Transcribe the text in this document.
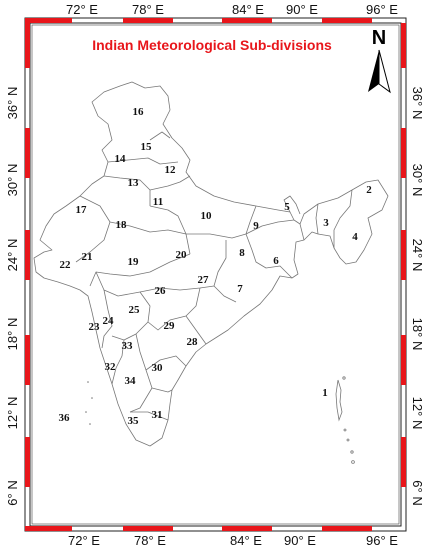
72° E	78° E	84° E 90° E	96° E
72° E	78° E	84° E 90° E	96° E
36° N
30° N
24° N
18° N
12° N
6° N
36° N
30° N
24° N
18° N
12° N
6° N
Indian Meteorological Sub-divisions N
1
2
3
4
5
6
7
8
9
10
11
12
13
14
15
16
17
18
19
20
21
22
23 24
25
26
27
28
29
30
31
32
33
34
35
36
